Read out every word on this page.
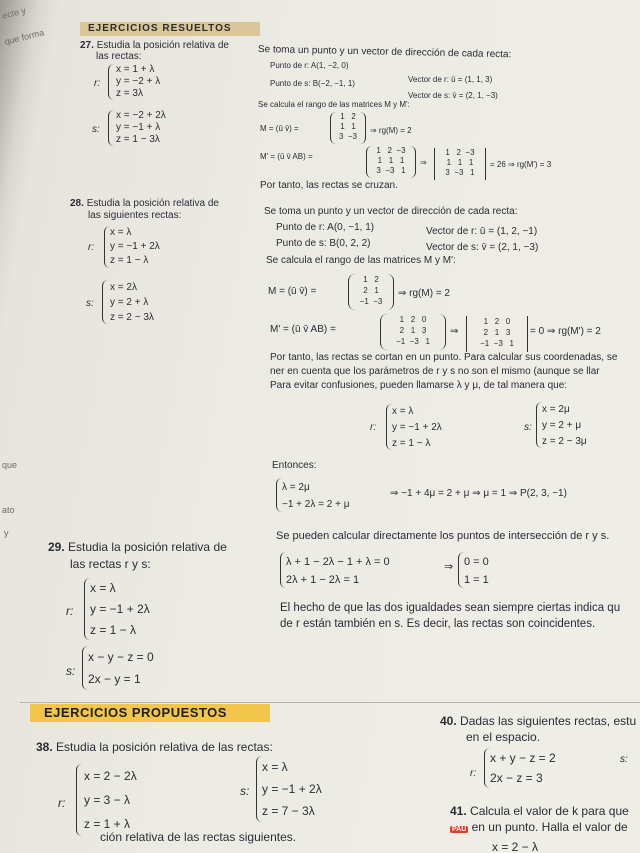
ecte y
que forma
que
ato
y
EJERCICIOS RESUELTOS
27. Estudia la posición relativa de
las rectas:
r:
x = 1 + λ
y = −2 + λ
z = 3λ
s:
x = −2 + 2λ
y = −1 + λ
z = 1 − 3λ
Se toma un punto y un vector de dirección de cada recta:
Punto de r: A(1, −2, 0)
Vector de r: ū = (1, 1, 3)
Punto de s: B(−2, −1, 1)
Vector de s: v̄ = (2, 1, −3)
Se calcula el rango de las matrices M y M':
M = (ū v̄) =
1   2
1   1
3  −3
⇒ rg(M) = 2
M' = (ū v̄ AB) =
1   2  −3
1   1   1
3  −3   1
⇒
1   2  −3
1   1   1
3  −3   1
= 26 ⇒ rg(M') = 3
Por tanto, las rectas se cruzan.
28. Estudia la posición relativa de
las siguientes rectas:
r:
x = λ
y = −1 + 2λ
z = 1 − λ
s:
x = 2λ
y = 2 + λ
z = 2 − 3λ
Se toma un punto y un vector de dirección de cada recta:
Punto de r: A(0, −1, 1)	Vector de r: ū = (1, 2, −1)
Punto de s: B(0, 2, 2)	Vector de s: v̄ = (2, 1, −3)
Se calcula el rango de las matrices M y M':
M = (ū v̄) =
1   2
2   1
−1  −3
⇒ rg(M) = 2
M' = (ū v̄ AB) =
1   2   0
2   1   3
−1  −3   1
⇒
1   2   0
2   1   3
−1  −3   1
= 0 ⇒ rg(M') = 2
Por tanto, las rectas se cortan en un punto. Para calcular sus coordenadas, se
ner en cuenta que los parámetros de r y s no son el mismo (aunque se llar
Para evitar confusiones, pueden llamarse λ y μ, de tal manera que:
r:
x = λ
y = −1 + 2λ
z = 1 − λ
s:
x = 2μ
y = 2 + μ
z = 2 − 3μ
Entonces:
λ = 2μ
−1 + 2λ = 2 + μ
⇒ −1 + 4μ = 2 + μ ⇒ μ = 1 ⇒ P(2, 3, −1)
29. Estudia la posición relativa de
las rectas r y s:
r:
x = λ
y = −1 + 2λ
z = 1 − λ
s:
x − y − z = 0
2x − y = 1
Se pueden calcular directamente los puntos de intersección de r y s.
λ + 1 − 2λ − 1 + λ = 0
2λ + 1 − 2λ = 1
⇒ 0 = 0
1 = 1
El hecho de que las dos igualdades sean siempre ciertas indica qu
de r están también en s. Es decir, las rectas son coincidentes.
EJERCICIOS PROPUESTOS
38. Estudia la posición relativa de las rectas:
r:
x = 2 − 2λ
y = 3 − λ
z = 1 + λ
s:
x = λ
y = −1 + 2λ
z = 7 − 3λ
ción relativa de las rectas siguientes.
40. Dadas las siguientes rectas, estu
en el espacio.
r:
x + y − z = 2
2x − z = 3
s:
41. Calcula el valor de k para que
PAU en un punto. Halla el valor de
x = 2 − λ
